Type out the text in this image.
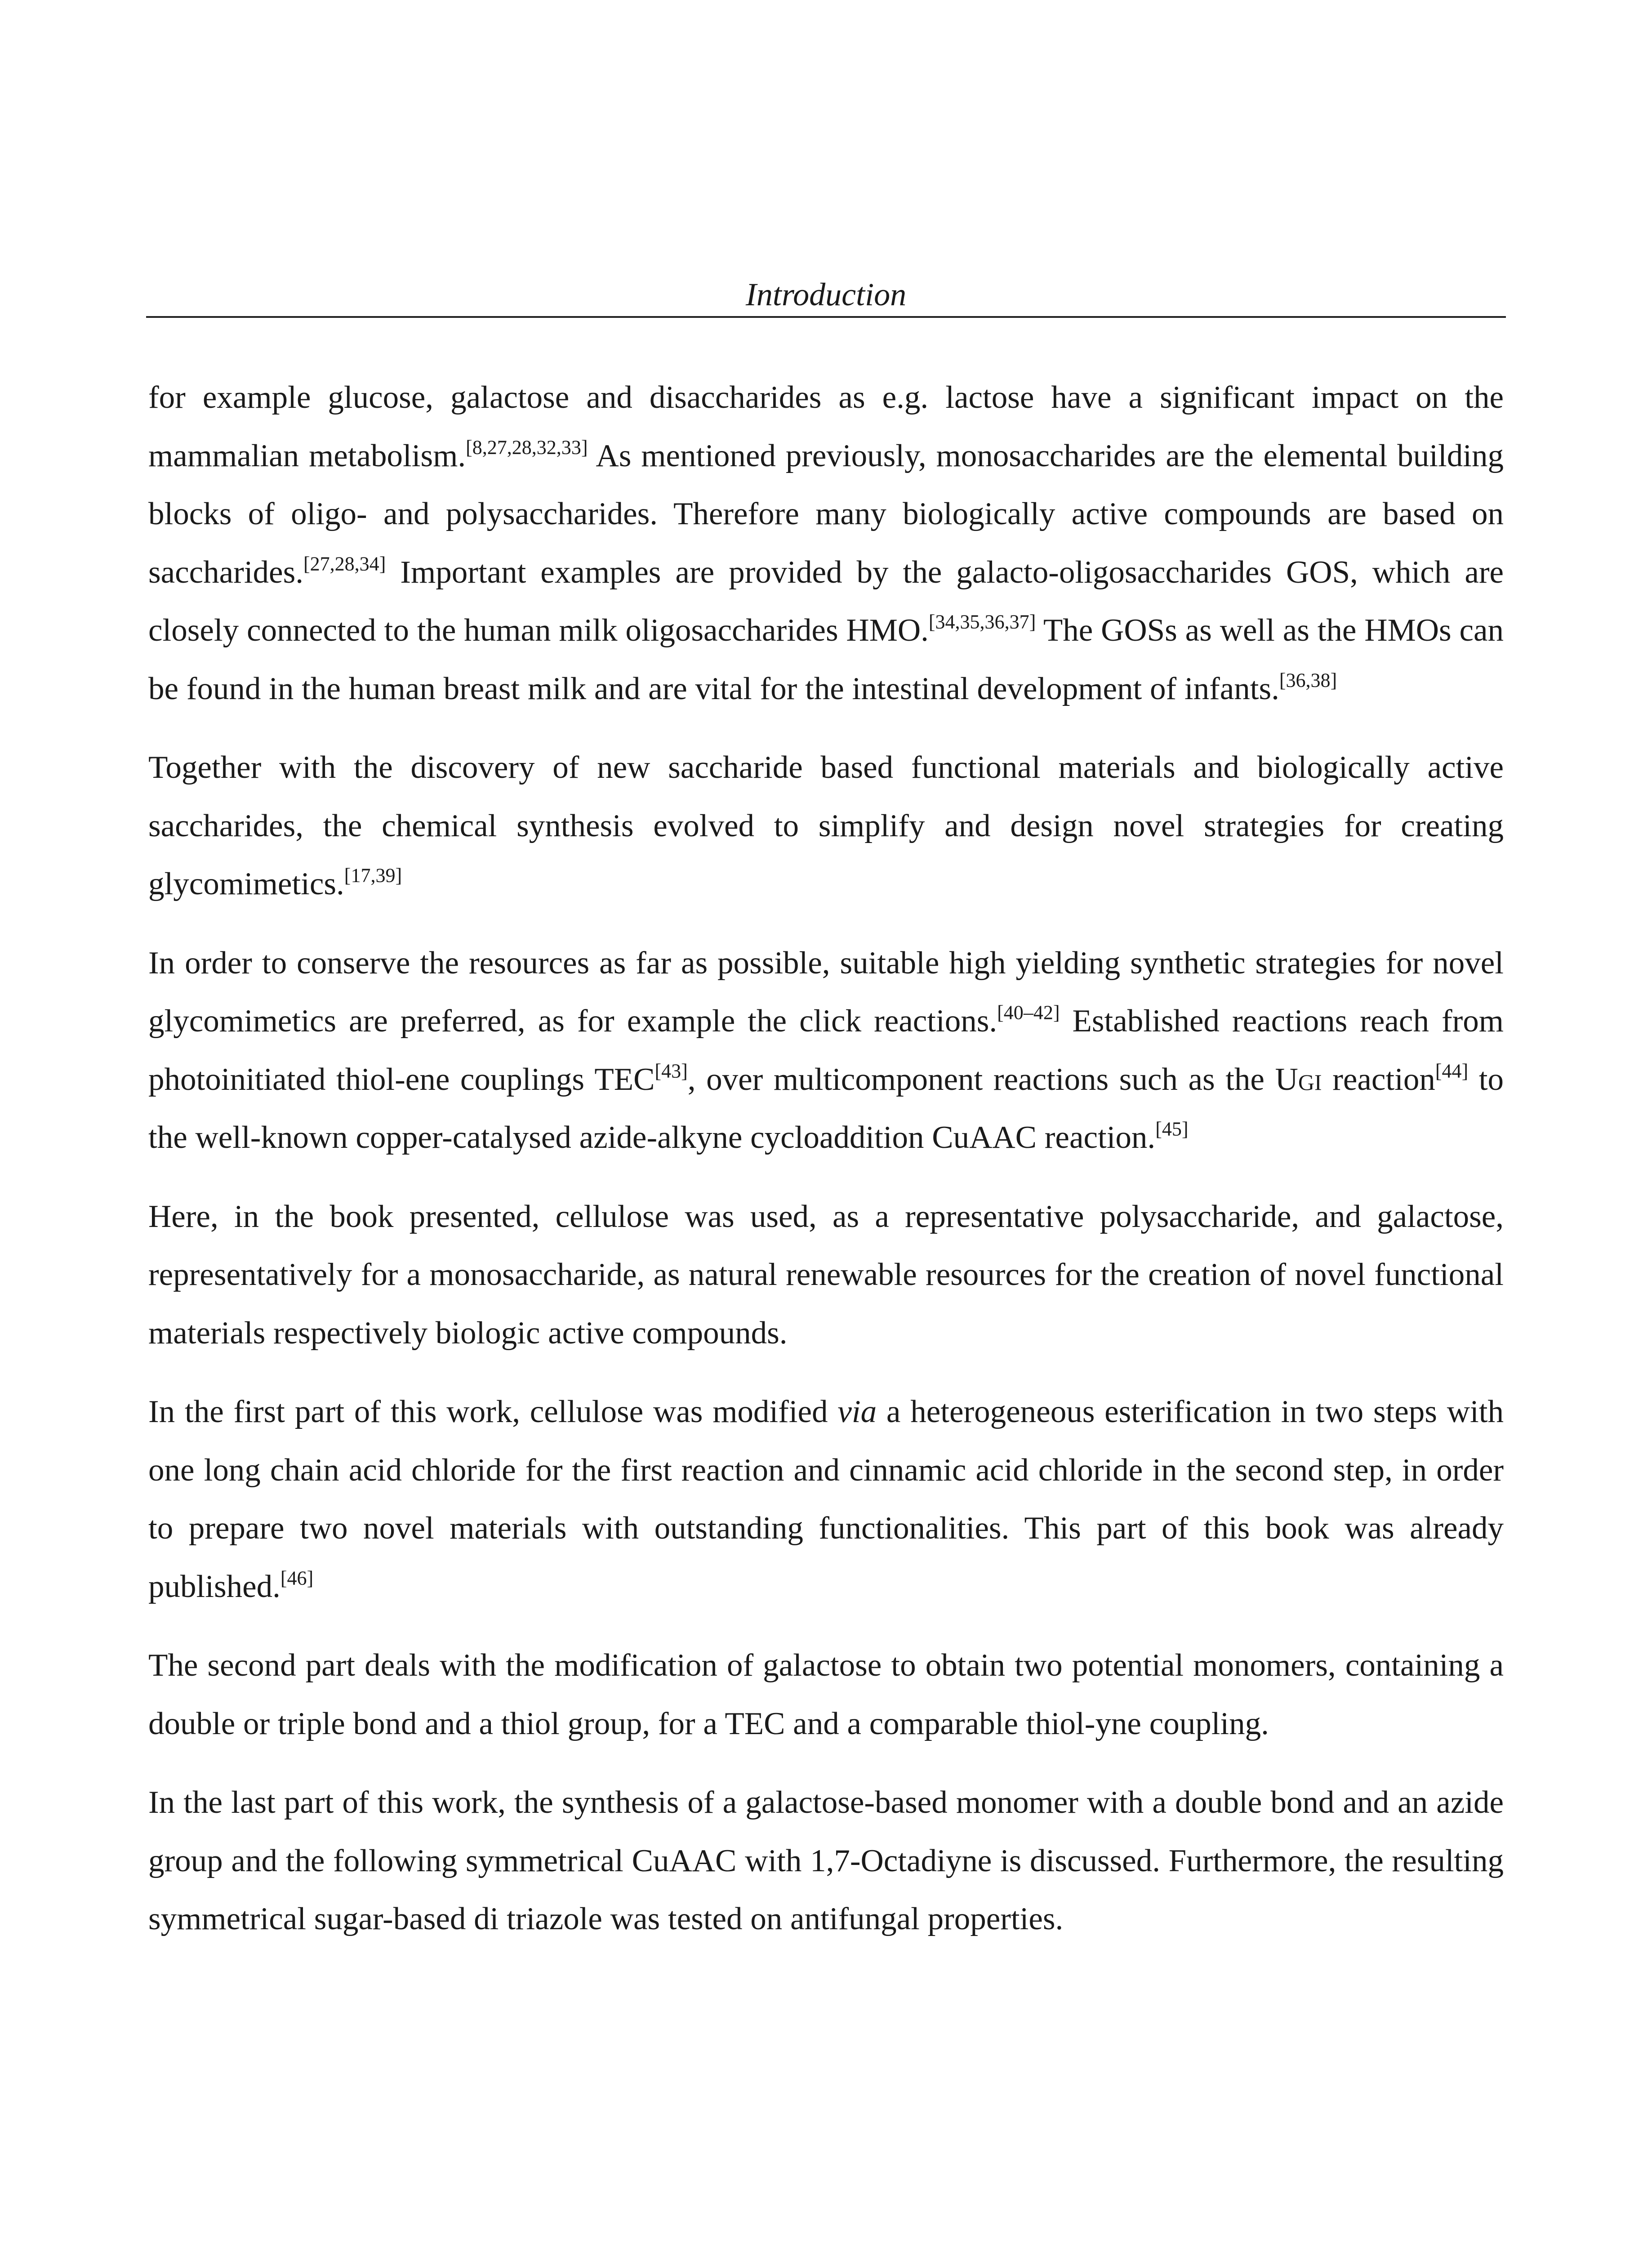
Introduction

for example glucose, galactose and disaccharides as e.g. lactose have a significant impact on the mammalian metabolism.[8,27,28,32,33] As mentioned previously, monosaccharides are the elemental building blocks of oligo- and polysaccharides. Therefore many biologically active compounds are based on saccharides.[27,28,34] Important examples are provided by the galacto-oligosaccharides GOS, which are closely connected to the human milk oligosaccharides HMO.[34,35,36,37] The GOSs as well as the HMOs can be found in the human breast milk and are vital for the intestinal development of infants.[36,38]

Together with the discovery of new saccharide based functional materials and biologically active saccharides, the chemical synthesis evolved to simplify and design novel strategies for creating glycomimetics.[17,39]

In order to conserve the resources as far as possible, suitable high yielding synthetic strategies for novel glycomimetics are preferred, as for example the click reactions.[40–42] Established reactions reach from photoinitiated thiol-ene couplings TEC[43], over multicomponent reactions such as the Ugi reaction[44] to the well-known copper-catalysed azide-alkyne cycloaddition CuAAC reaction.[45]

Here, in the book presented, cellulose was used, as a representative polysaccharide, and galactose, representatively for a monosaccharide, as natural renewable resources for the creation of novel functional materials respectively biologic active compounds.

In the first part of this work, cellulose was modified via a heterogeneous esterification in two steps with one long chain acid chloride for the first reaction and cinnamic acid chloride in the second step, in order to prepare two novel materials with outstanding functionalities. This part of this book was already published.[46]

The second part deals with the modification of galactose to obtain two potential monomers, containing a double or triple bond and a thiol group, for a TEC and a comparable thiol-yne coupling.

In the last part of this work, the synthesis of a galactose-based monomer with a double bond and an azide group and the following symmetrical CuAAC with 1,7-Octadiyne is discussed. Furthermore, the resulting symmetrical sugar-based di triazole was tested on antifungal properties.
